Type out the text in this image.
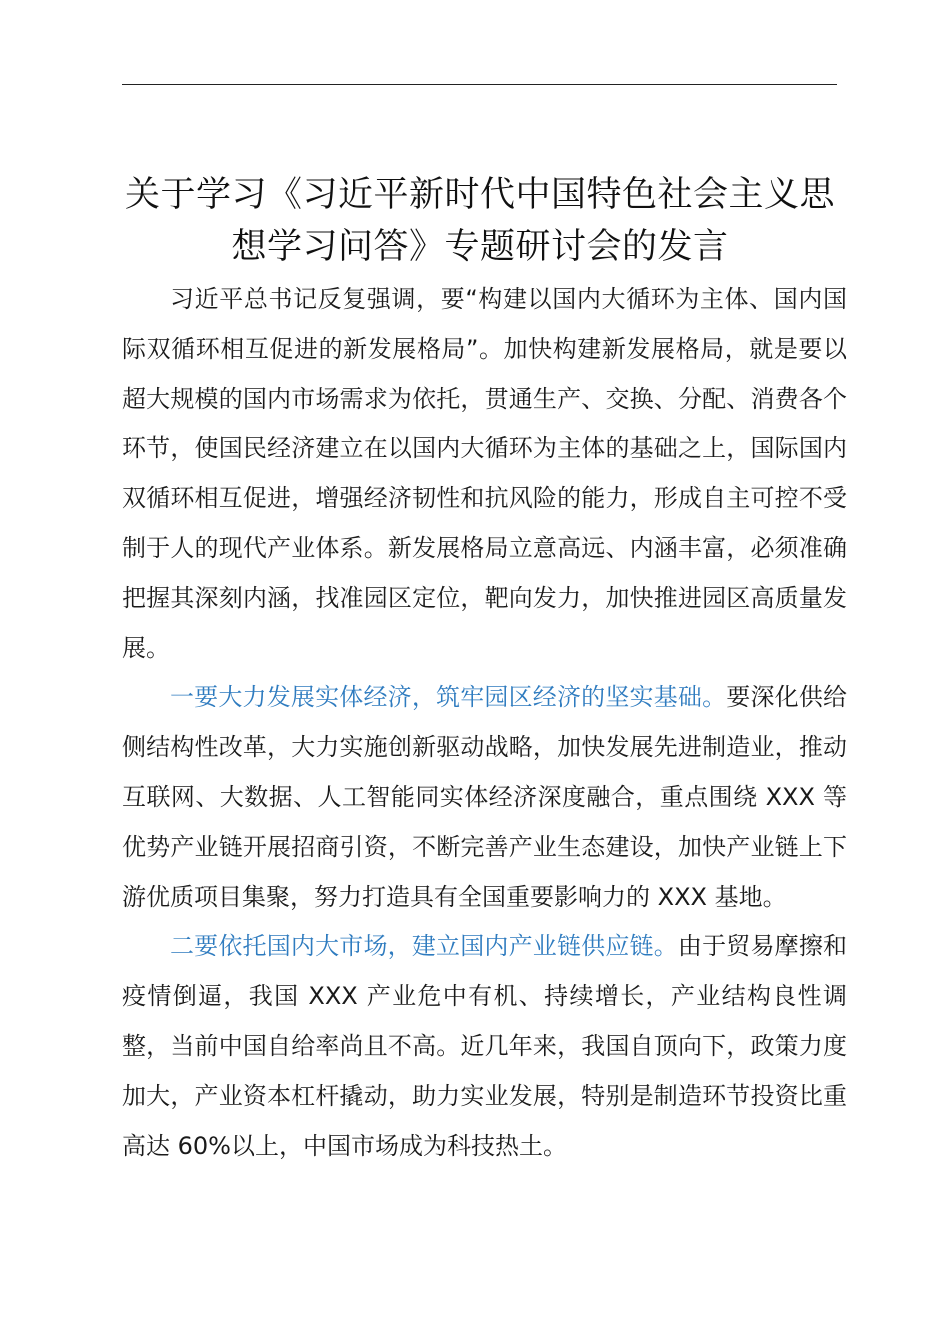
关于学习《习近平新时代中国特色社会主义思
想学习问答》专题研讨会的发言

习近平总书记反复强调，要“构建以国内大循环为主体、国内国际双循环相互促进的新发展格局”。加快构建新发展格局，就是要以超大规模的国内市场需求为依托，贯通生产、交换、分配、消费各个环节，使国民经济建立在以国内大循环为主体的基础之上，国际国内双循环相互促进，增强经济韧性和抗风险的能力，形成自主可控不受制于人的现代产业体系。新发展格局立意高远、内涵丰富，必须准确把握其深刻内涵，找准园区定位，靶向发力，加快推进园区高质量发展。

一要大力发展实体经济，筑牢园区经济的坚实基础。要深化供给侧结构性改革，大力实施创新驱动战略，加快发展先进制造业，推动互联网、大数据、人工智能同实体经济深度融合，重点围绕 XXX 等优势产业链开展招商引资，不断完善产业生态建设，加快产业链上下游优质项目集聚，努力打造具有全国重要影响力的 XXX 基地。

二要依托国内大市场，建立国内产业链供应链。由于贸易摩擦和疫情倒逼，我国 XXX 产业危中有机、持续增长，产业结构良性调整，当前中国自给率尚且不高。近几年来，我国自顶向下，政策力度加大，产业资本杠杆撬动，助力实业发展，特别是制造环节投资比重高达 60%以上，中国市场成为科技热土。
